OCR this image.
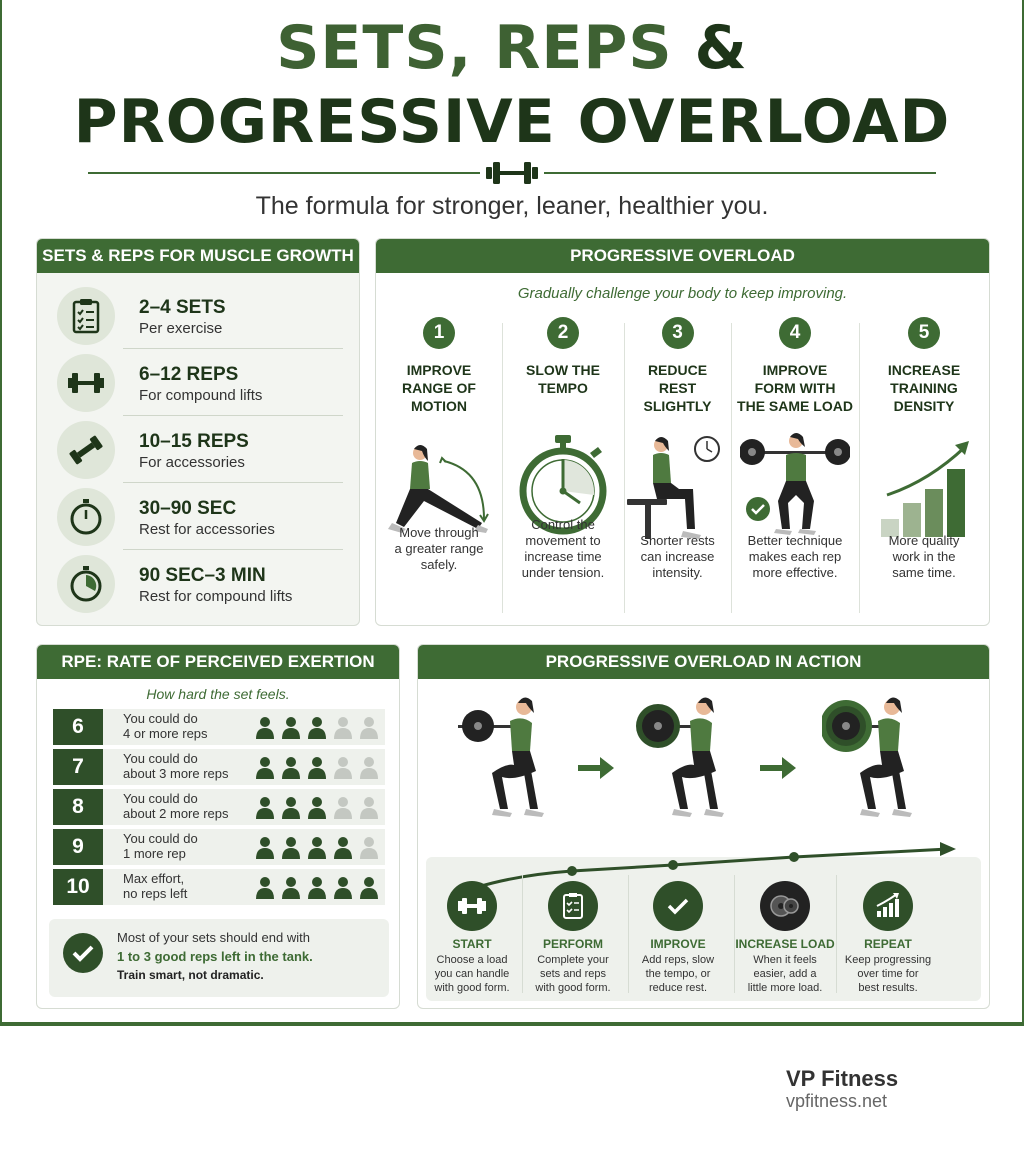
SETS, REPS &
PROGRESSIVE OVERLOAD
The formula for stronger, leaner, healthier you.
SETS & REPS FOR MUSCLE GROWTH
2–4 SETS
Per exercise
6–12 REPS
For compound lifts
10–15 REPS
For accessories
30–90 SEC
Rest for accessories
90 SEC–3 MIN
Rest for compound lifts
PROGRESSIVE OVERLOAD
Gradually challenge your body to keep improving.
1
IMPROVE
RANGE OF
MOTION
Move through
a greater range
safely.
2
SLOW THE
TEMPO
Control the
movement to
increase time
under tension.
3
REDUCE
REST
SLIGHTLY
Shorter rests
can increase
intensity.
4
IMPROVE
FORM WITH
THE SAME LOAD
Better technique
makes each rep
more effective.
5
INCREASE
TRAINING
DENSITY
More quality
work in the
same time.
RPE: RATE OF PERCEIVED EXERTION
How hard the set feels.
6	You could do
4 or more reps
7	You could do
about 3 more reps
8	You could do
about 2 more reps
9	You could do
1 more rep
10	Max effort,
no reps left
Most of your sets should end with
1 to 3 good reps left in the tank.
Train smart, not dramatic.
PROGRESSIVE OVERLOAD IN ACTION
START
Choose a load
you can handle
with good form.
PERFORM
Complete your
sets and reps
with good form.
IMPROVE
Add reps, slow
the tempo, or
reduce rest.
INCREASE LOAD
When it feels
easier, add a
little more load.
REPEAT
Keep progressing
over time for
best results.
VP Fitness
vpfitness.net
